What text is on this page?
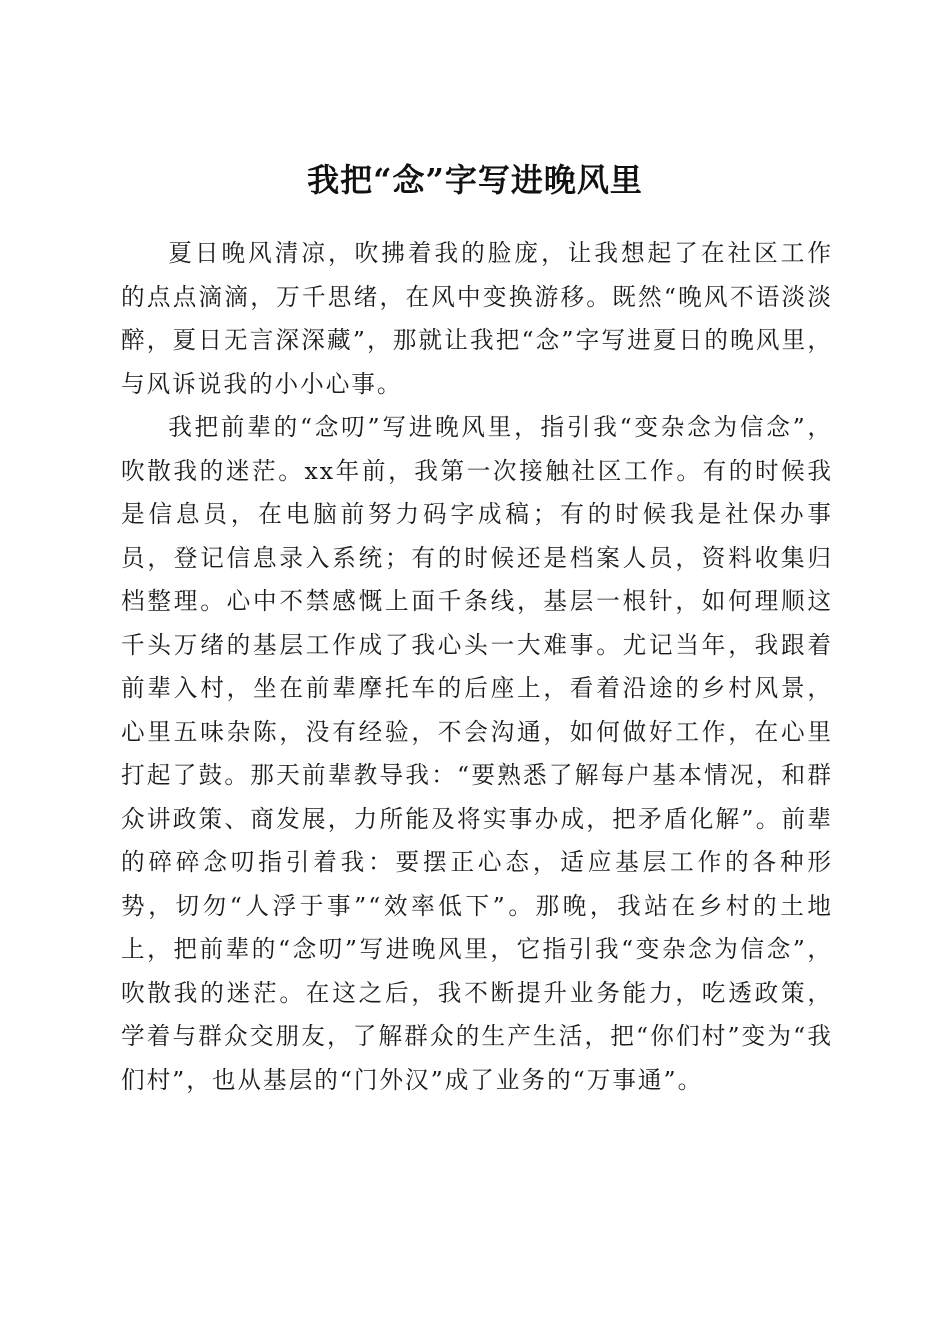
我把“念”字写进晚风里

夏日晚风清凉，吹拂着我的脸庞，让我想起了在社区工作的点点滴滴，万千思绪，在风中变换游移。既然“晚风不语淡淡醉，夏日无言深深藏”，那就让我把“念”字写进夏日的晚风里，与风诉说我的小小心事。

我把前辈的“念叨”写进晚风里，指引我“变杂念为信念”，吹散我的迷茫。xx年前，我第一次接触社区工作。有的时候我是信息员，在电脑前努力码字成稿；有的时候我是社保办事员，登记信息录入系统；有的时候还是档案人员，资料收集归档整理。心中不禁感慨上面千条线，基层一根针，如何理顺这千头万绪的基层工作成了我心头一大难事。尤记当年，我跟着前辈入村，坐在前辈摩托车的后座上，看着沿途的乡村风景，心里五味杂陈，没有经验，不会沟通，如何做好工作，在心里打起了鼓。那天前辈教导我：“要熟悉了解每户基本情况，和群众讲政策、商发展，力所能及将实事办成，把矛盾化解”。前辈的碎碎念叨指引着我：要摆正心态，适应基层工作的各种形势，切勿“人浮于事”“效率低下”。那晚，我站在乡村的土地上，把前辈的“念叨”写进晚风里，它指引我“变杂念为信念”，吹散我的迷茫。在这之后，我不断提升业务能力，吃透政策，学着与群众交朋友，了解群众的生产生活，把“你们村”变为“我们村”，也从基层的“门外汉”成了业务的“万事通”。
